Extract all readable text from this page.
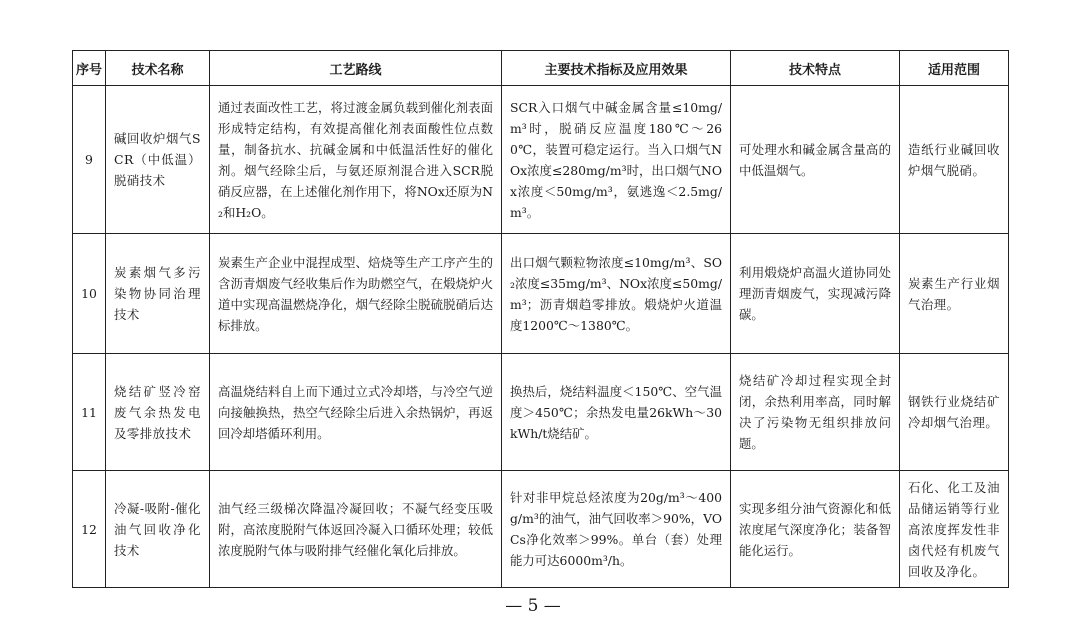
序号	技术名称	工艺路线	主要技术指标及应用效果	技术特点	适用范围
9	碱回收炉烟气SCR（中低温）脱硝技术	通过表面改性工艺，将过渡金属负载到催化剂表面形成特定结构，有效提高催化剂表面酸性位点数量，制备抗水、抗碱金属和中低温活性好的催化剂。烟气经除尘后，与氨还原剂混合进入SCR脱硝反应器，在上述催化剂作用下，将NOx还原为N₂和H₂O。	SCR入口烟气中碱金属含量≤10mg/m³时，脱硝反应温度180℃～260℃，装置可稳定运行。当入口烟气NOx浓度≤280mg/m³时，出口烟气NOx浓度＜50mg/m³，氨逃逸＜2.5mg/m³。	可处理水和碱金属含量高的中低温烟气。	造纸行业碱回收炉烟气脱硝。
10	炭素烟气多污染物协同治理技术	炭素生产企业中混捏成型、焙烧等生产工序产生的含沥青烟废气经收集后作为助燃空气，在煅烧炉火道中实现高温燃烧净化，烟气经除尘脱硫脱硝后达标排放。	出口烟气颗粒物浓度≤10mg/m³、SO₂浓度≤35mg/m³、NOx浓度≤50mg/m³；沥青烟趋零排放。煅烧炉火道温度1200℃～1380℃。	利用煅烧炉高温火道协同处理沥青烟废气，实现减污降碳。	炭素生产行业烟气治理。
11	烧结矿竖冷窑废气余热发电及零排放技术	高温烧结料自上而下通过立式冷却塔，与冷空气逆向接触换热，热空气经除尘后进入余热锅炉，再返回冷却塔循环利用。	换热后，烧结料温度＜150℃、空气温度＞450℃；余热发电量26kWh～30kWh/t烧结矿。	烧结矿冷却过程实现全封闭，余热利用率高，同时解决了污染物无组织排放问题。	钢铁行业烧结矿冷却烟气治理。
12	冷凝-吸附-催化油气回收净化技术	油气经三级梯次降温冷凝回收；不凝气经变压吸附，高浓度脱附气体返回冷凝入口循环处理；较低浓度脱附气体与吸附排气经催化氧化后排放。	针对非甲烷总烃浓度为20g/m³～400g/m³的油气，油气回收率＞90%，VOCs净化效率＞99%。单台（套）处理能力可达6000m³/h。	实现多组分油气资源化和低浓度尾气深度净化；装备智能化运行。	石化、化工及油品储运销等行业高浓度挥发性非卤代烃有机废气回收及净化。
— 5 —
